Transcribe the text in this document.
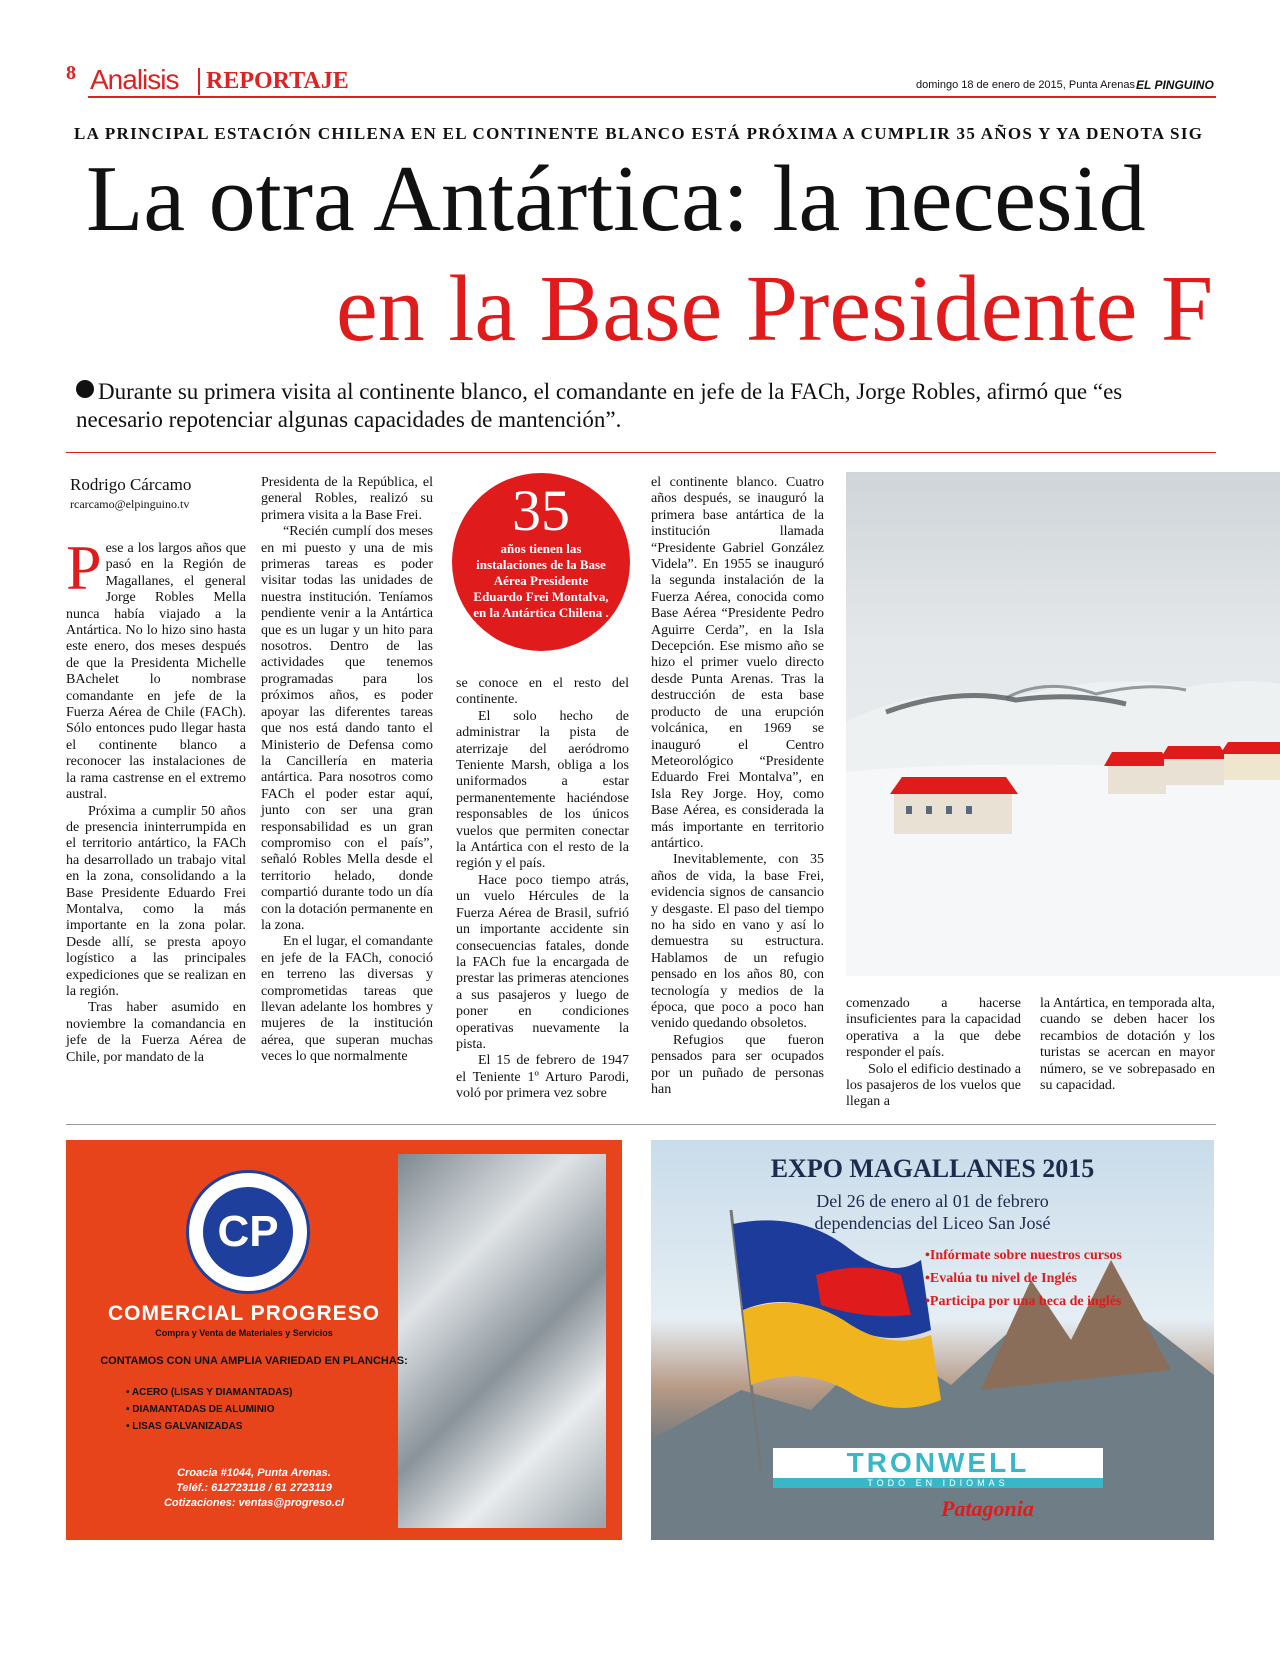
8 Analisis	REPORTAJE	domingo 18 de enero de 2015, Punta Arenas EL PINGUINO
LA PRINCIPAL ESTACIÓN CHILENA EN EL CONTINENTE BLANCO ESTÁ PRÓXIMA A CUMPLIR 35 AÑOS Y YA DENOTA SIG
La otra Antártica: la necesid
en la Base Presidente F
Durante su primera visita al continente blanco, el comandante en jefe de la FACh, Jorge Robles, afirmó que “es necesario repotenciar algunas capacidades de mantención”.
Rodrigo Cárcamo
rcarcamo@elpinguino.tv

Pese a los largos años que pasó en la Región de Magallanes, el general Jorge Robles Mella nunca había viajado a la Antártica. No lo hizo sino hasta este enero, dos meses después de que la Presidenta Michelle BAchelet lo nombrase comandante en jefe de la Fuerza Aérea de Chile (FACh). Sólo entonces pudo llegar hasta el continente blanco a reconocer las instalaciones de la rama castrense en el extremo austral.

Próxima a cumplir 50 años de presencia ininterrumpida en el territorio antártico, la FACh ha desarrollado un trabajo vital en la zona, consolidando a la Base Presidente Eduardo Frei Montalva, como la más importante en la zona polar. Desde allí, se presta apoyo logístico a las principales expediciones que se realizan en la región.

Tras haber asumido en noviembre la comandancia en jefe de la Fuerza Aérea de Chile, por mandato de la

Presidenta de la República, el general Robles, realizó su primera visita a la Base Frei.

“Recién cumplí dos meses en mi puesto y una de mis primeras tareas es poder visitar todas las unidades de nuestra institución. Teníamos pendiente venir a la Antártica que es un lugar y un hito para nosotros. Dentro de las actividades que tenemos programadas para los próximos años, es poder apoyar las diferentes tareas que nos está dando tanto el Ministerio de Defensa como la Cancillería en materia antártica. Para nosotros como FACh el poder estar aquí, junto con ser una gran responsabilidad es un gran compromiso con el país”, señaló Robles Mella desde el territorio helado, donde compartió durante todo un día con la dotación permanente en la zona.

En el lugar, el comandante en jefe de la FACh, conoció en terreno las diversas y comprometidas tareas que llevan adelante los hombres y mujeres de la institución aérea, que superan muchas veces lo que normalmente

35
años tienen las instalaciones de la Base Aérea Presidente Eduardo Frei Montalva, en la Antártica Chilena .

se conoce en el resto del continente.

El solo hecho de administrar la pista de aterrizaje del aeródromo Teniente Marsh, obliga a los uniformados a estar permanentemente haciéndose responsables de los únicos vuelos que permiten conectar la Antártica con el resto de la región y el país.

Hace poco tiempo atrás, un vuelo Hércules de la Fuerza Aérea de Brasil, sufrió un importante accidente sin consecuencias fatales, donde la FACh fue la encargada de prestar las primeras atenciones a sus pasajeros y luego de poner en condiciones operativas nuevamente la pista.

El 15 de febrero de 1947 el Teniente 1º Arturo Parodi, voló por primera vez sobre

el continente blanco. Cuatro años después, se inauguró la primera base antártica de la institución llamada “Presidente Gabriel González Videla”. En 1955 se inauguró la segunda instalación de la Fuerza Aérea, conocida como Base Aérea “Presidente Pedro Aguirre Cerda”, en la Isla Decepción. Ese mismo año se hizo el primer vuelo directo desde Punta Arenas. Tras la destrucción de esta base producto de una erupción volcánica, en 1969 se inauguró el Centro Meteorológico “Presidente Eduardo Frei Montalva”, en Isla Rey Jorge. Hoy, como Base Aérea, es considerada la más importante en territorio antártico.

Inevitablemente, con 35 años de vida, la base Frei, evidencia signos de cansancio y desgaste. El paso del tiempo no ha sido en vano y así lo demuestra su estructura. Hablamos de un refugio pensado en los años 80, con tecnología y medios de la época, que poco a poco han venido quedando obsoletos.

Refugios que fueron pensados para ser ocupados por un puñado de personas han

comenzado a hacerse insuficientes para la capacidad operativa a la que debe responder el país.

Solo el edificio destinado a los pasajeros de los vuelos que llegan a

la Antártica, en temporada alta, cuando se deben hacer los recambios de dotación y los turistas se acercan en mayor número, se ve sobrepasado en su capacidad.

CP
COMERCIAL PROGRESO
Compra y Venta de Materiales y Servicios
CONTAMOS CON UNA AMPLIA VARIEDAD EN PLANCHAS:
• ACERO (LISAS Y DIAMANTADAS)
• DIAMANTADAS DE ALUMINIO
• LISAS GALVANIZADAS
Croacia #1044, Punta Arenas.
Teléf.: 612723118 / 61 2723119
Cotizaciones: ventas@progreso.cl
EXPO MAGALLANES 2015
Del 26 de enero al 01 de febrero
dependencias del Liceo San José
•Infórmate sobre nuestros cursos
•Evalúa tu nivel de Inglés
•Participa por una beca de inglés
TRONWELL
TODO EN IDIOMAS
Patagonia
